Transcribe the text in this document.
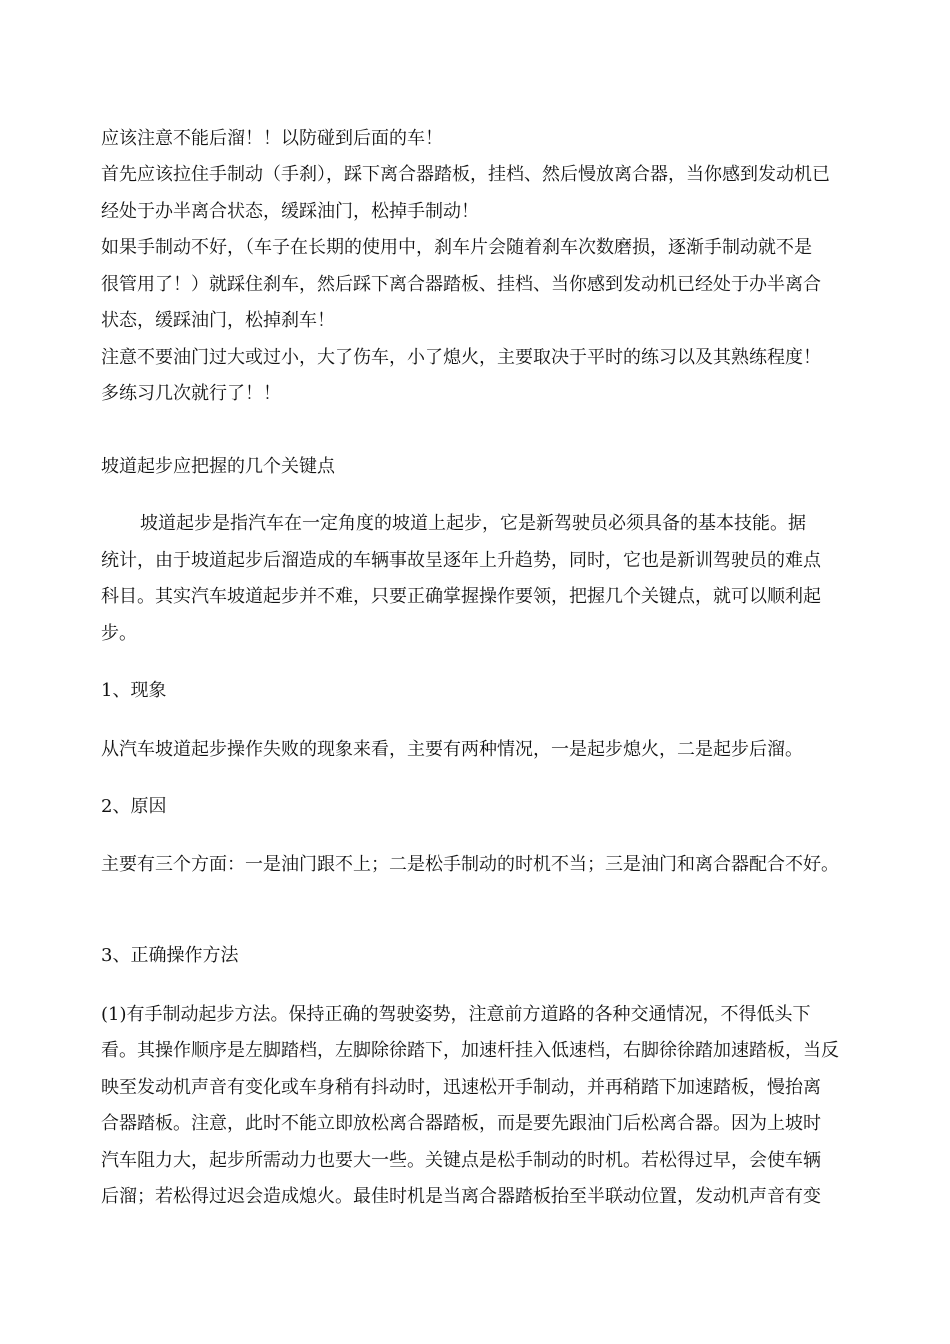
应该注意不能后溜！！以防碰到后面的车！
首先应该拉住手制动（手刹），踩下离合器踏板，挂档、然后慢放离合器，当你感到发动机已
经处于办半离合状态，缓踩油门，松掉手制动！
如果手制动不好，（车子在长期的使用中，刹车片会随着刹车次数磨损，逐渐手制动就不是
很管用了！）就踩住刹车，然后踩下离合器踏板、挂档、当你感到发动机已经处于办半离合
状态，缓踩油门，松掉刹车！
注意不要油门过大或过小，大了伤车，小了熄火，主要取决于平时的练习以及其熟练程度！
多练习几次就行了！！
坡道起步应把握的几个关键点
坡道起步是指汽车在一定角度的坡道上起步，它是新驾驶员必须具备的基本技能。据
统计，由于坡道起步后溜造成的车辆事故呈逐年上升趋势，同时，它也是新训驾驶员的难点
科目。其实汽车坡道起步并不难，只要正确掌握操作要领，把握几个关键点，就可以顺利起
步。
1、现象
从汽车坡道起步操作失败的现象来看，主要有两种情况，一是起步熄火，二是起步后溜。
2、原因
主要有三个方面：一是油门跟不上；二是松手制动的时机不当；三是油门和离合器配合不好。
3、正确操作方法
(1)有手制动起步方法。保持正确的驾驶姿势，注意前方道路的各种交通情况，不得低头下
看。其操作顺序是左脚踏档，左脚除徐踏下，加速杆挂入低速档，右脚徐徐踏加速踏板，当反
映至发动机声音有变化或车身稍有抖动时，迅速松开手制动，并再稍踏下加速踏板，慢抬离
合器踏板。注意，此时不能立即放松离合器踏板，而是要先跟油门后松离合器。因为上坡时
汽车阻力大，起步所需动力也要大一些。关键点是松手制动的时机。若松得过早，会使车辆
后溜；若松得过迟会造成熄火。最佳时机是当离合器踏板抬至半联动位置，发动机声音有变
